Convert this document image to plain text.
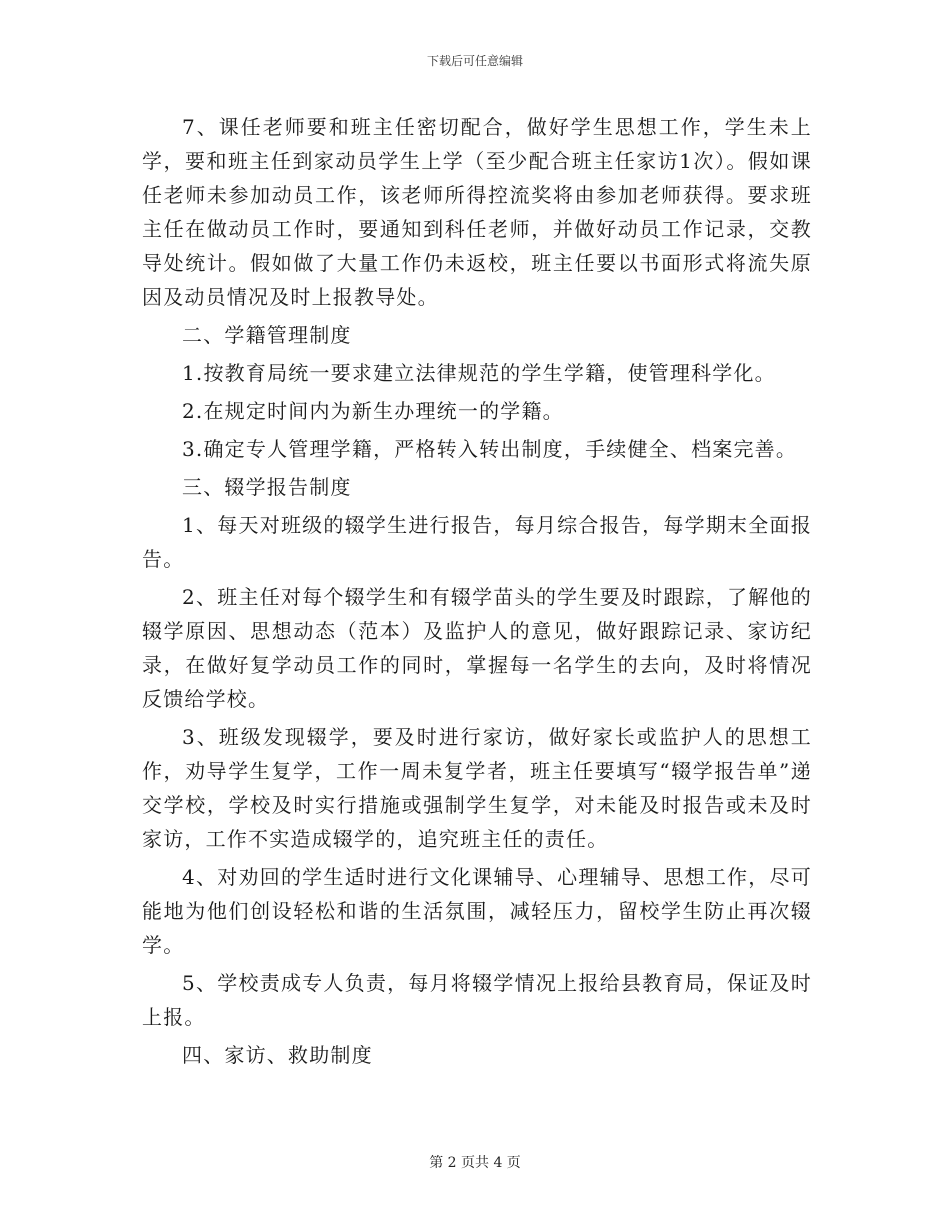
下载后可任意编辑

7、课任老师要和班主任密切配合，做好学生思想工作，学生未上学，要和班主任到家动员学生上学（至少配合班主任家访1次）。假如课任老师未参加动员工作，该老师所得控流奖将由参加老师获得。要求班主任在做动员工作时，要通知到科任老师，并做好动员工作记录，交教导处统计。假如做了大量工作仍未返校，班主任要以书面形式将流失原因及动员情况及时上报教导处。

二、学籍管理制度

1.按教育局统一要求建立法律规范的学生学籍，使管理科学化。

2.在规定时间内为新生办理统一的学籍。

3.确定专人管理学籍，严格转入转出制度，手续健全、档案完善。

三、辍学报告制度

1、每天对班级的辍学生进行报告，每月综合报告，每学期末全面报告。

2、班主任对每个辍学生和有辍学苗头的学生要及时跟踪，了解他的辍学原因、思想动态（范本）及监护人的意见，做好跟踪记录、家访纪录，在做好复学动员工作的同时，掌握每一名学生的去向，及时将情况反馈给学校。

3、班级发现辍学，要及时进行家访，做好家长或监护人的思想工作，劝导学生复学，工作一周未复学者，班主任要填写“辍学报告单”递交学校，学校及时实行措施或强制学生复学，对未能及时报告或未及时家访，工作不实造成辍学的，追究班主任的责任。

4、对劝回的学生适时进行文化课辅导、心理辅导、思想工作，尽可能地为他们创设轻松和谐的生活氛围，减轻压力，留校学生防止再次辍学。

5、学校责成专人负责，每月将辍学情况上报给县教育局，保证及时上报。

四、家访、救助制度

第 2 页共 4 页
